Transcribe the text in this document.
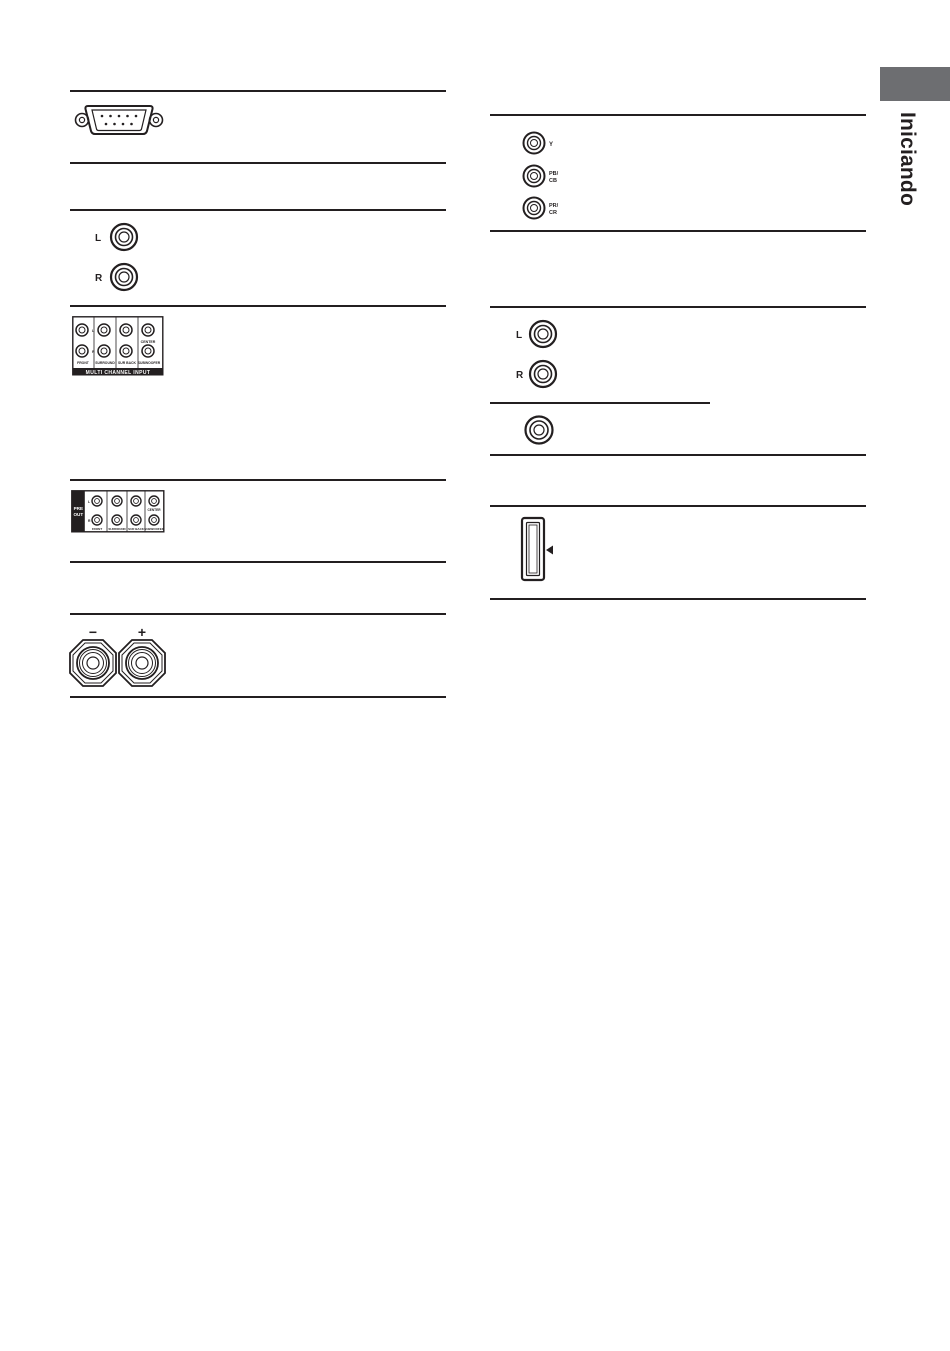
Iniciando
L
R
L
R
CENTER
FRONT SURROUND SUR BACK SUBWOOFER
MULTI CHANNEL INPUT
PRE
OUT
L
R
CENTER
FRONT SURROUND SUR BACK SUBWOOFER
−	+
Y
PB/
CB
PR/
CR
L
R
